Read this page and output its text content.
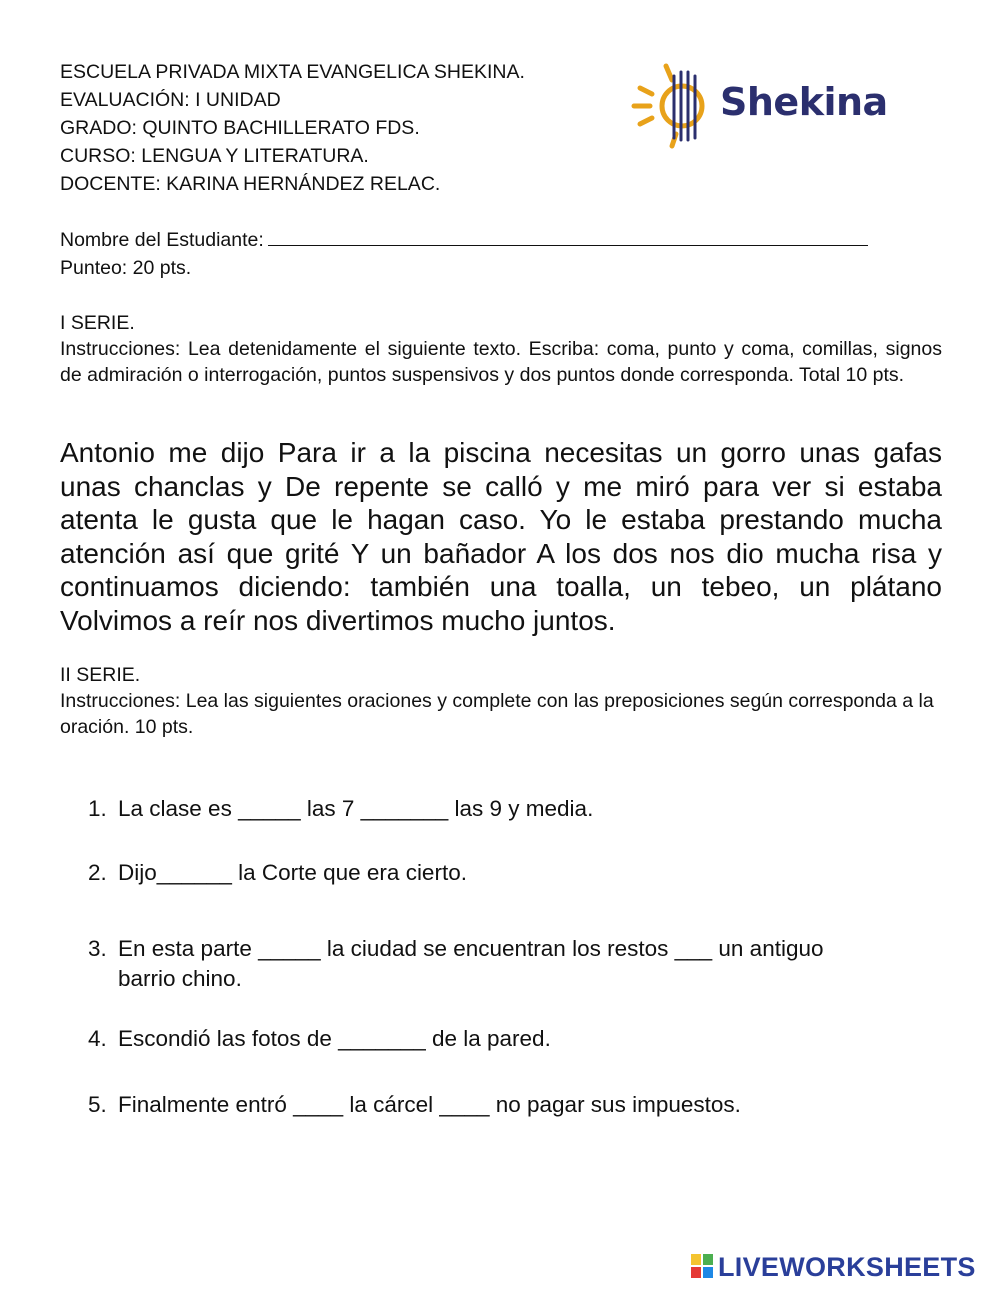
ESCUELA PRIVADA MIXTA EVANGELICA SHEKINA.
EVALUACIÓN: I UNIDAD
GRADO: QUINTO BACHILLERATO FDS.
CURSO: LENGUA Y LITERATURA.
DOCENTE: KARINA HERNÁNDEZ RELAC.
Shekina
Nombre del Estudiante:
Punteo: 20 pts.
I SERIE.
Instrucciones: Lea detenidamente el siguiente texto. Escriba: coma, punto y coma, comillas, signos de admiración o interrogación, puntos suspensivos y dos puntos donde corresponda. Total 10 pts.
Antonio me dijo Para ir a la piscina necesitas un gorro unas gafas unas chanclas y De repente se calló y me miró para ver si estaba atenta le gusta que le hagan caso. Yo le estaba prestando mucha atención así que grité Y un bañador A los dos nos dio mucha risa y continuamos diciendo: también una toalla, un tebeo, un plátano Volvimos a reír nos divertimos mucho juntos.
II SERIE.
Instrucciones: Lea las siguientes oraciones y complete con las preposiciones según corresponda a la oración. 10 pts.
1. La clase es _____ las 7 _______ las 9 y media.
2. Dijo______ la Corte que era cierto.
3. En esta parte _____ la ciudad se encuentran los restos ___ un antiguo
barrio chino.
4. Escondió las fotos de _______ de la pared.
5. Finalmente entró ____ la cárcel ____ no pagar sus impuestos.
LIVEWORKSHEETS
